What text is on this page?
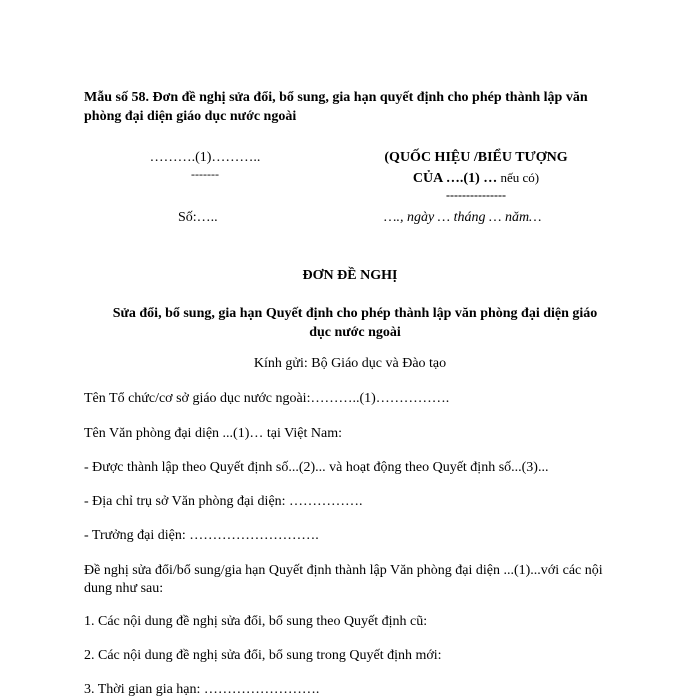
Mẫu số 58. Đơn đề nghị sửa đổi, bổ sung, gia hạn quyết định cho phép thành lập văn phòng đại diện giáo dục nước ngoài
……….(1)………..
-------
(QUỐC HIỆU /BIỂU TƯỢNG
CỦA ….(1) … nếu có)
---------------
Số:…..	…., ngày … tháng … năm…
ĐƠN ĐỀ NGHỊ
Sửa đổi, bổ sung, gia hạn Quyết định cho phép thành lập văn phòng đại diện giáo dục nước ngoài
Kính gửi: Bộ Giáo dục và Đào tạo
Tên Tổ chức/cơ sở giáo dục nước ngoài:………..(1)…………….
Tên Văn phòng đại diện ...(1)… tại Việt Nam:
- Được thành lập theo Quyết định số...(2)... và hoạt động theo Quyết định số...(3)...
- Địa chỉ trụ sở Văn phòng đại diện: …………….
- Trưởng đại diện: ……………………….
Đề nghị sửa đổi/bổ sung/gia hạn Quyết định thành lập Văn phòng đại diện ...(1)...với các nội dung như sau:
1. Các nội dung đề nghị sửa đổi, bổ sung theo Quyết định cũ:
2. Các nội dung đề nghị sửa đổi, bổ sung trong Quyết định mới:
3. Thời gian gia hạn: …………………….
